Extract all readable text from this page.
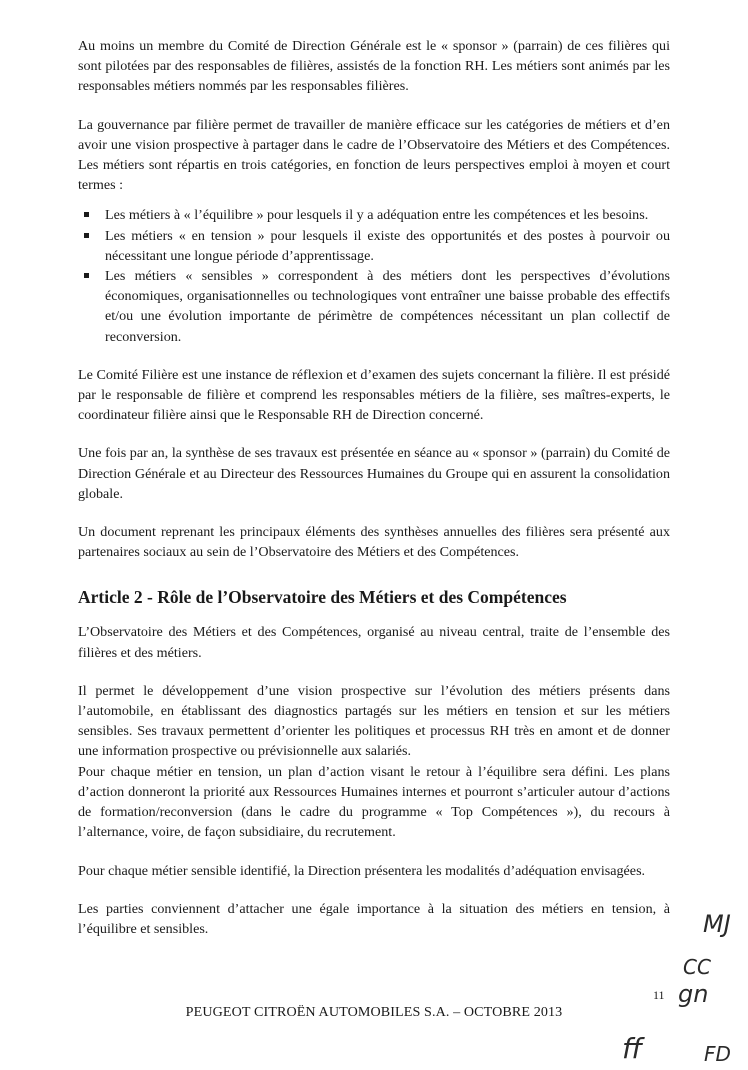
Au moins un membre du Comité de Direction Générale est le « sponsor » (parrain) de ces filières qui sont pilotées par des responsables de filières, assistés de la fonction RH. Les métiers sont animés par les responsables métiers nommés par les responsables filières.

La gouvernance par filière permet de travailler de manière efficace sur les catégories de métiers et d’en avoir une vision prospective à partager dans le cadre de l’Observatoire des Métiers et des Compétences. Les métiers sont répartis en trois catégories, en fonction de leurs perspectives emploi à moyen et court termes :

Les métiers à « l’équilibre » pour lesquels il y a adéquation entre les compétences et les besoins.
Les métiers « en tension » pour lesquels il existe des opportunités et des postes à pourvoir ou nécessitant une longue période d’apprentissage.
Les métiers « sensibles » correspondent à des métiers dont les perspectives d’évolutions économiques, organisationnelles ou technologiques vont entraîner une baisse probable des effectifs et/ou une évolution importante de périmètre de compétences nécessitant un plan collectif de reconversion.

Le Comité Filière est une instance de réflexion et d’examen des sujets concernant la filière. Il est présidé par le responsable de filière et comprend les responsables métiers de la filière, ses maîtres-experts, le coordinateur filière ainsi que le Responsable RH de Direction concerné.

Une fois par an, la synthèse de ses travaux est présentée en séance au « sponsor » (parrain) du Comité de Direction Générale et au Directeur des Ressources Humaines du Groupe qui en assurent la consolidation globale.

Un document reprenant les principaux éléments des synthèses annuelles des filières sera présenté aux partenaires sociaux au sein de l’Observatoire des Métiers et des Compétences.

Article 2 - Rôle de l’Observatoire des Métiers et des Compétences

L’Observatoire des Métiers et des Compétences, organisé au niveau central, traite de l’ensemble des filières et des métiers.

Il permet le développement d’une vision prospective sur l’évolution des métiers présents dans l’automobile, en établissant des diagnostics partagés sur les métiers en tension et sur les métiers sensibles. Ses travaux permettent d’orienter les politiques et processus RH très en amont et de donner une information prospective ou prévisionnelle aux salariés.

Pour chaque métier en tension, un plan d’action visant le retour à l’équilibre sera défini. Les plans d’action donneront la priorité aux Ressources Humaines internes et pourront s’articuler autour d’actions de formation/reconversion (dans le cadre du programme « Top Compétences »), du recours à l’alternance, voire, de façon subsidiaire, du recrutement.

Pour chaque métier sensible identifié, la Direction présentera les modalités d’adéquation envisagées.

Les parties conviennent d’attacher une égale importance à la situation des métiers en tension, à l’équilibre et sensibles.

11
PEUGEOT CITROËN AUTOMOBILES S.A. – OCTOBRE 2013
MJ
CC
gn
ff	FD
